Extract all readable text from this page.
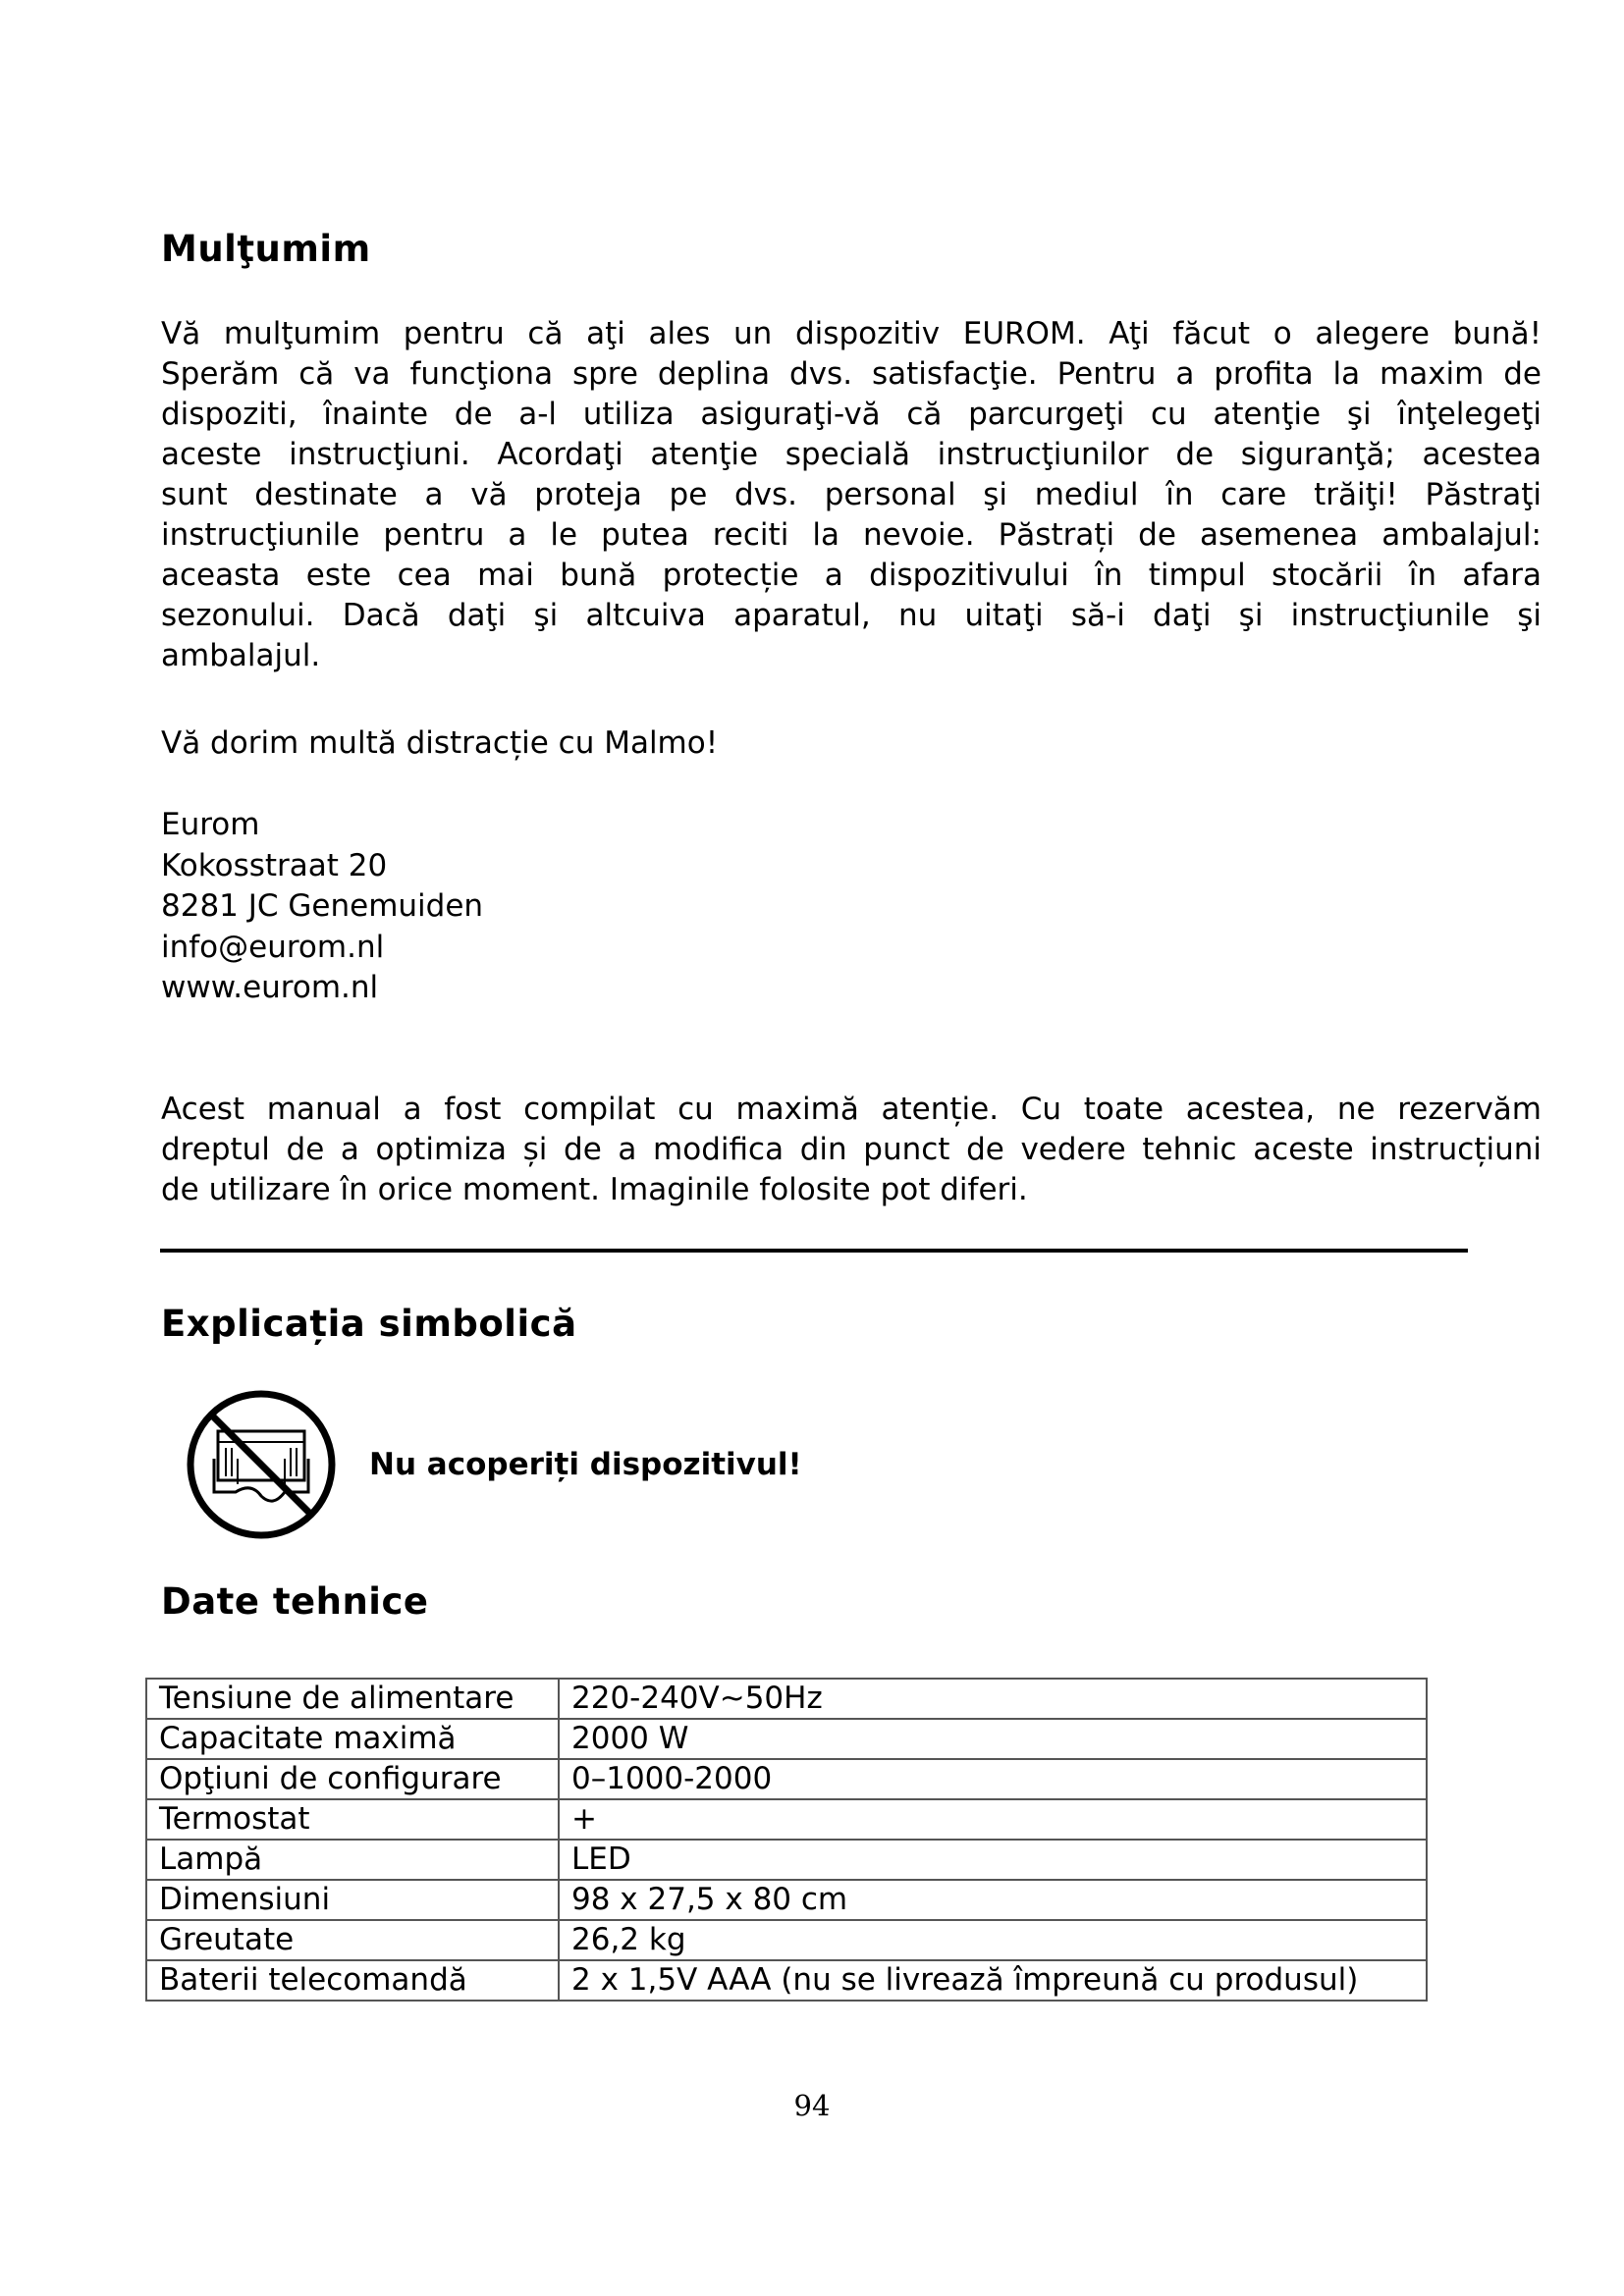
Mulţumim
Vă mulţumim pentru că aţi ales un dispozitiv EUROM. Aţi făcut o alegere bună!
Sperăm că va funcţiona spre deplina dvs. satisfacţie. Pentru a profita la maxim de
dispoziti, înainte de a-l utiliza asiguraţi-vă că parcurgeţi cu atenţie şi înţelegeţi
aceste instrucţiuni. Acordaţi atenţie specială instrucţiunilor de siguranţă; acestea
sunt destinate a vă proteja pe dvs. personal şi mediul în care trăiţi! Păstraţi
instrucţiunile pentru a le putea reciti la nevoie. Păstrați de asemenea ambalajul:
aceasta este cea mai bună protecție a dispozitivului în timpul stocării în afara
sezonului. Dacă daţi şi altcuiva aparatul, nu uitaţi să-i daţi şi instrucţiunile şi
ambalajul.
Vă dorim multă distracție cu Malmo!
Eurom
Kokosstraat 20
8281 JC Genemuiden
info@eurom.nl
www.eurom.nl
Acest manual a fost compilat cu maximă atenție. Cu toate acestea, ne rezervăm
dreptul de a optimiza și de a modifica din punct de vedere tehnic aceste instrucțiuni
de utilizare în orice moment. Imaginile folosite pot diferi.
Explicația simbolică
Nu acoperiți dispozitivul!
Date tehnice
Tensiune de alimentare	220-240V~50Hz
Capacitate maximă	2000 W
Opţiuni de configurare	0–1000-2000
Termostat	+
Lampă	LED
Dimensiuni	98 x 27,5 x 80 cm
Greutate	26,2 kg
Baterii telecomandă	2 x 1,5V AAA (nu se livrează împreună cu produsul)
94
